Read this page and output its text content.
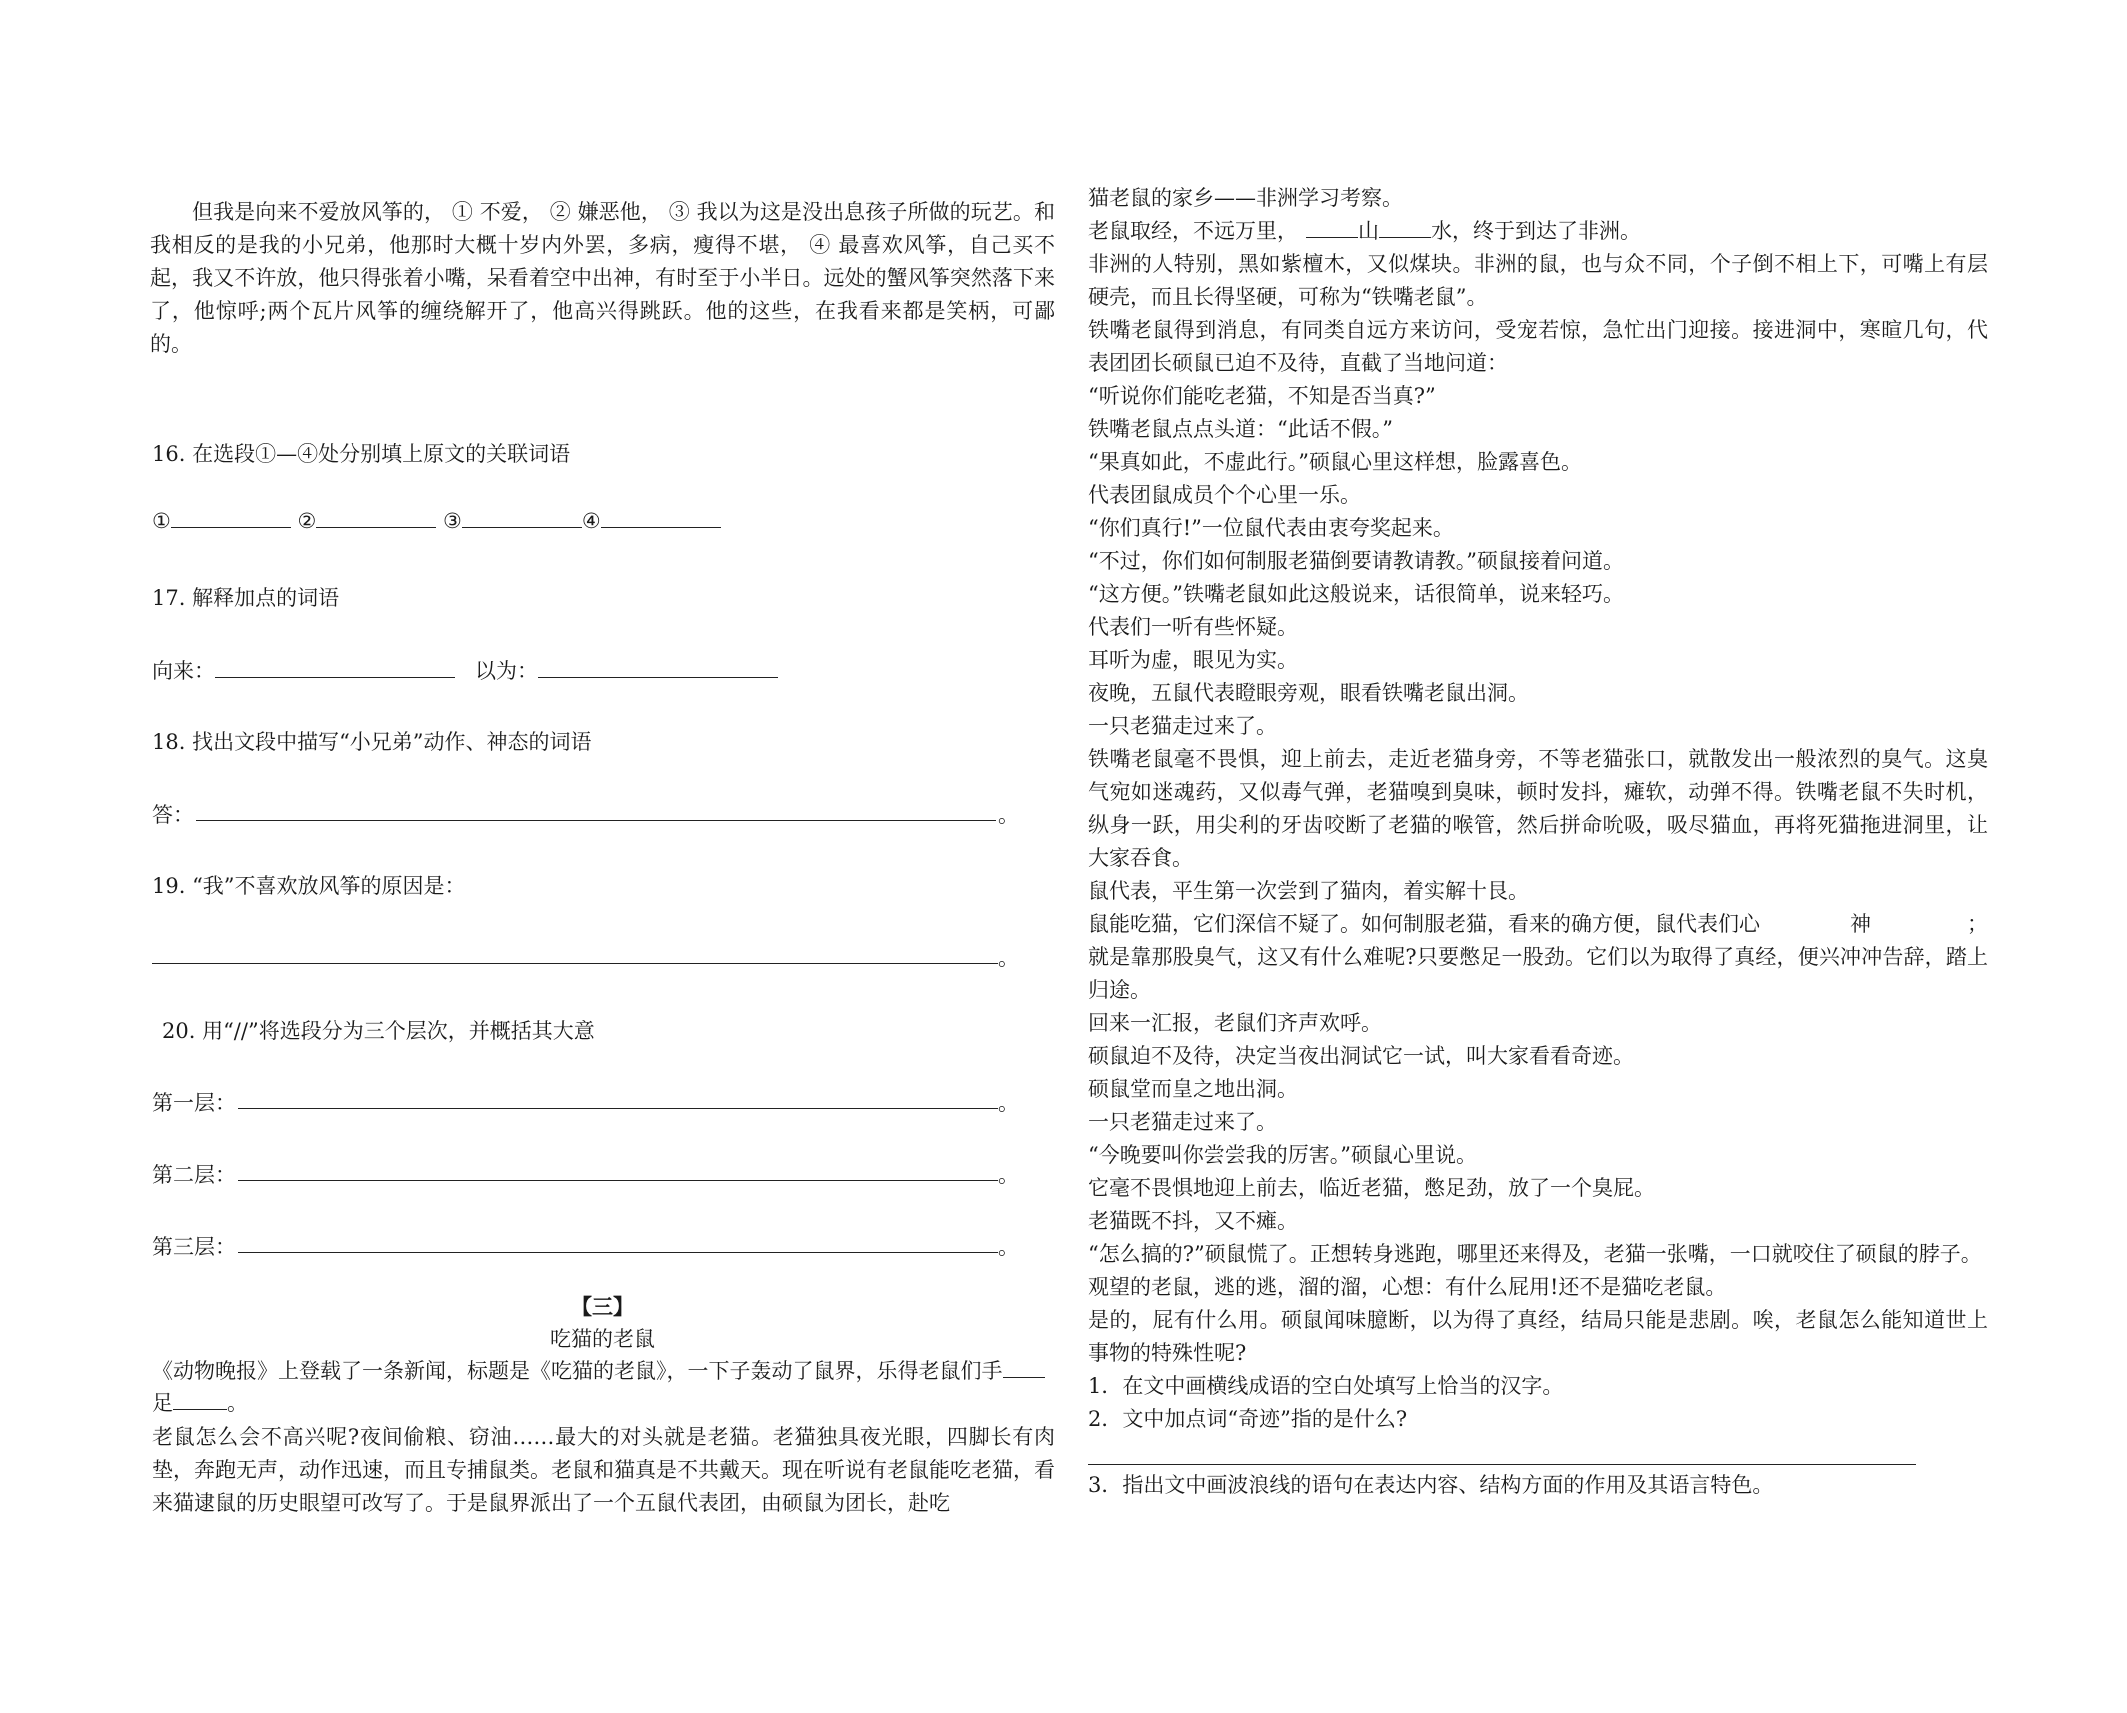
但我是向来不爱放风筝的， ① 不爱， ② 嫌恶他， ③ 我以为这是没出息孩子所做的玩艺。和我相反的是我的小兄弟，他那时大概十岁内外罢，多病，瘦得不堪， ④ 最喜欢风筝，自己买不起，我又不许放，他只得张着小嘴，呆看着空中出神，有时至于小半日。远处的蟹风筝突然落下来了，他惊呼;两个瓦片风筝的缠绕解开了，他高兴得跳跃。他的这些，在我看来都是笑柄，可鄙的。
16. 在选段①—④处分别填上原文的关联词语
①	②	③	④
17. 解释加点的词语
向来：	以为：
18. 找出文段中描写“小兄弟”动作、神态的词语
答：	。
19. “我”不喜欢放风筝的原因是：
。
20. 用“//”将选段分为三个层次，并概括其大意
第一层：	。
第二层：	。
第三层：	。
【三】
吃猫的老鼠
《动物晚报》上登载了一条新闻，标题是《吃猫的老鼠》，一下子轰动了鼠界，乐得老鼠们手
足	。
老鼠怎么会不高兴呢?夜间偷粮、窃油……最大的对头就是老猫。老猫独具夜光眼，四脚长有肉垫，奔跑无声，动作迅速，而且专捕鼠类。老鼠和猫真是不共戴天。现在听说有老鼠能吃老猫，看来猫逮鼠的历史眼望可改写了。于是鼠界派出了一个五鼠代表团，由硕鼠为团长，赴吃
猫老鼠的家乡——非洲学习考察。
老鼠取经，不远万里，	山 水，终于到达了非洲。
非洲的人特别，黑如紫檀木，又似煤块。非洲的鼠，也与众不同，个子倒不相上下，可嘴上有层硬壳，而且长得坚硬，可称为“铁嘴老鼠”。
铁嘴老鼠得到消息，有同类自远方来访问，受宠若惊，急忙出门迎接。接进洞中，寒暄几句，代表团团长硕鼠已迫不及待，直截了当地问道：
“听说你们能吃老猫，不知是否当真?”
铁嘴老鼠点点头道：“此话不假。”
“果真如此，不虚此行。”硕鼠心里这样想，脸露喜色。
代表团鼠成员个个心里一乐。
“你们真行!”一位鼠代表由衷夸奖起来。
“不过，你们如何制服老猫倒要请教请教。”硕鼠接着问道。
“这方便。”铁嘴老鼠如此这般说来，话很简单，说来轻巧。
代表们一听有些怀疑。
耳听为虚，眼见为实。
夜晚，五鼠代表瞪眼旁观，眼看铁嘴老鼠出洞。
一只老猫走过来了。
铁嘴老鼠毫不畏惧，迎上前去，走近老猫身旁，不等老猫张口，就散发出一般浓烈的臭气。这臭气宛如迷魂药，又似毒气弹，老猫嗅到臭味，顿时发抖，瘫软，动弹不得。铁嘴老鼠不失时机，纵身一跃，用尖利的牙齿咬断了老猫的喉管，然后拼命吮吸，吸尽猫血，再将死猫拖进洞里，让大家吞食。
鼠代表，平生第一次尝到了猫肉，着实解十艮。
鼠能吃猫，它们深信不疑了。如何制服老猫，看来的确方便，鼠代表们心	神	；
就是靠那股臭气，这又有什么难呢?只要憋足一股劲。它们以为取得了真经，便兴冲冲告辞，踏上归途。
回来一汇报，老鼠们齐声欢呼。
硕鼠迫不及待，决定当夜出洞试它一试，叫大家看看奇迹。
硕鼠堂而皇之地出洞。
一只老猫走过来了。
“今晚要叫你尝尝我的厉害。”硕鼠心里说。
它毫不畏惧地迎上前去，临近老猫，憋足劲，放了一个臭屁。
老猫既不抖，又不瘫。
“怎么搞的?”硕鼠慌了。正想转身逃跑，哪里还来得及，老猫一张嘴，一口就咬住了硕鼠的脖子。
观望的老鼠，逃的逃，溜的溜，心想：有什么屁用!还不是猫吃老鼠。
是的，屁有什么用。硕鼠闻味臆断，以为得了真经，结局只能是悲剧。唉，老鼠怎么能知道世上事物的特殊性呢?
1．在文中画横线成语的空白处填写上恰当的汉字。
2．文中加点词“奇迹”指的是什么?
3．指出文中画波浪线的语句在表达内容、结构方面的作用及其语言特色。
